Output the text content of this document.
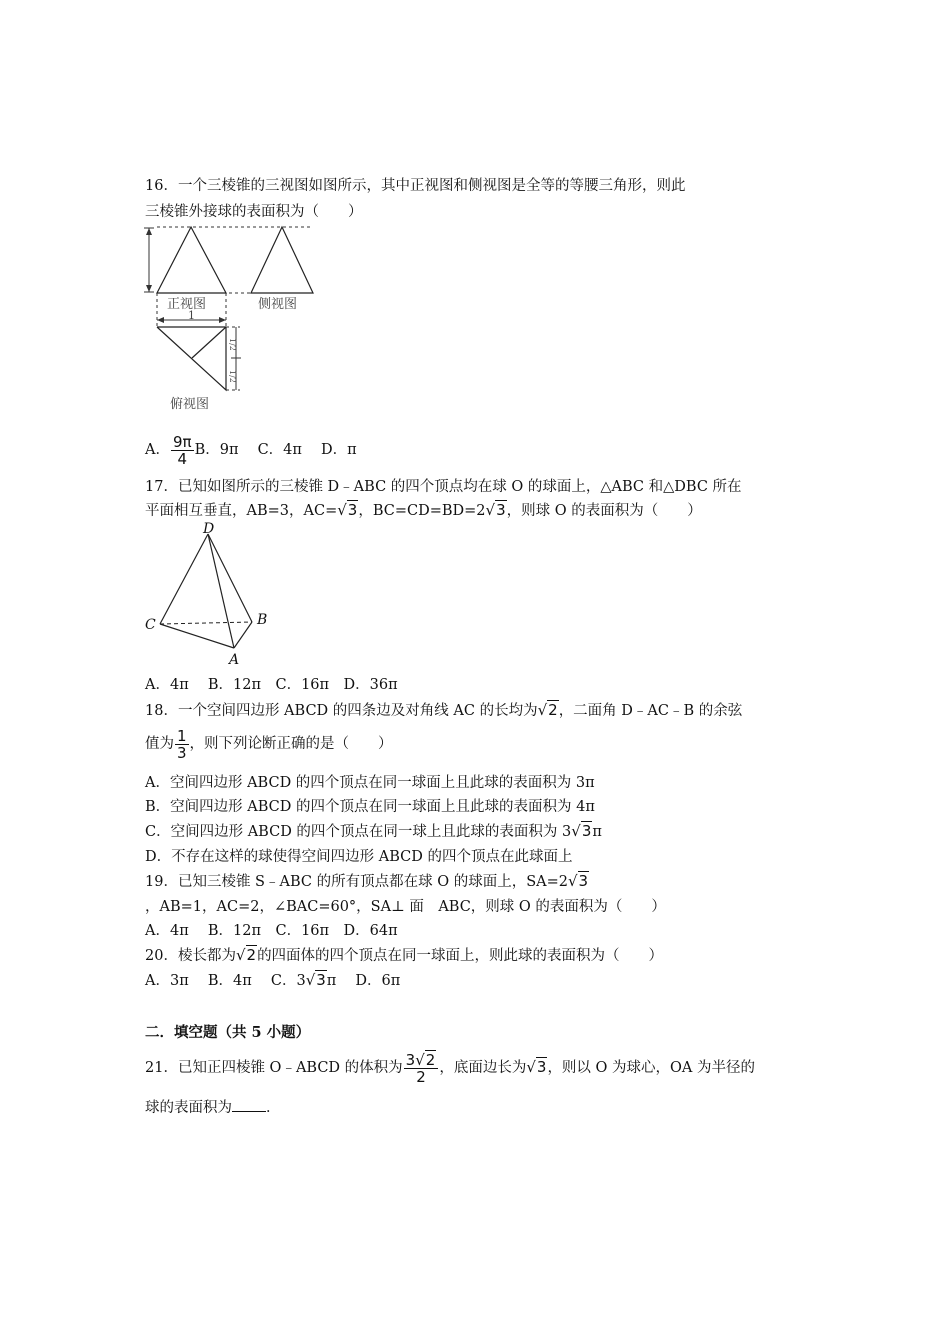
16．一个三棱锥的三视图如图所示，其中正视图和侧视图是全等的等腰三角形，则此
三棱锥外接球的表面积为（　　）
正视图	侧视图
1
1/2
1/2
俯视图
A． $\frac{9\pi}{4}$ B．9π　 C．4π　 D．π
17．已知如图所示的三棱锥 D﹣ABC 的四个顶点均在球 O 的球面上，△ABC 和△DBC 所在
平面相互垂直，AB=3，AC=√3，BC=CD=BD=2√3，则球 O 的表面积为（　　）
D
C	B
A
A．4π　 B．12π　C．16π　D．36π
18．一个空间四边形 ABCD 的四条边及对角线 AC 的长均为√2，二面角 D﹣AC﹣B 的余弦
值为 $\frac{1}{3}$ ，则下列论断正确的是（　　）
A．空间四边形 ABCD 的四个顶点在同一球面上且此球的表面积为 3π
B．空间四边形 ABCD 的四个顶点在同一球面上且此球的表面积为 4π
C．空间四边形 ABCD 的四个顶点在同一球上且此球的表面积为 3√3π
D．不存在这样的球使得空间四边形 ABCD 的四个顶点在此球面上
19．已知三棱锥 S﹣ABC 的所有顶点都在球 O 的球面上，SA=2√3
，AB=1，AC=2，∠BAC=60°，SA⊥ 面　ABC，则球 O 的表面积为（　　）
A．4π　 B．12π　C．16π　D．64π
20．棱长都为√2的四面体的四个顶点在同一球面上，则此球的表面积为（　　）
A．3π　 B．4π　 C．3√3π　 D．6π
二．填空题（共 5 小题）
21．已知正四棱锥 O﹣ABCD 的体积为 $\frac{3√2}{2}$ ，底面边长为√3，则以 O 为球心，OA 为半径的
球的表面积为 ．
